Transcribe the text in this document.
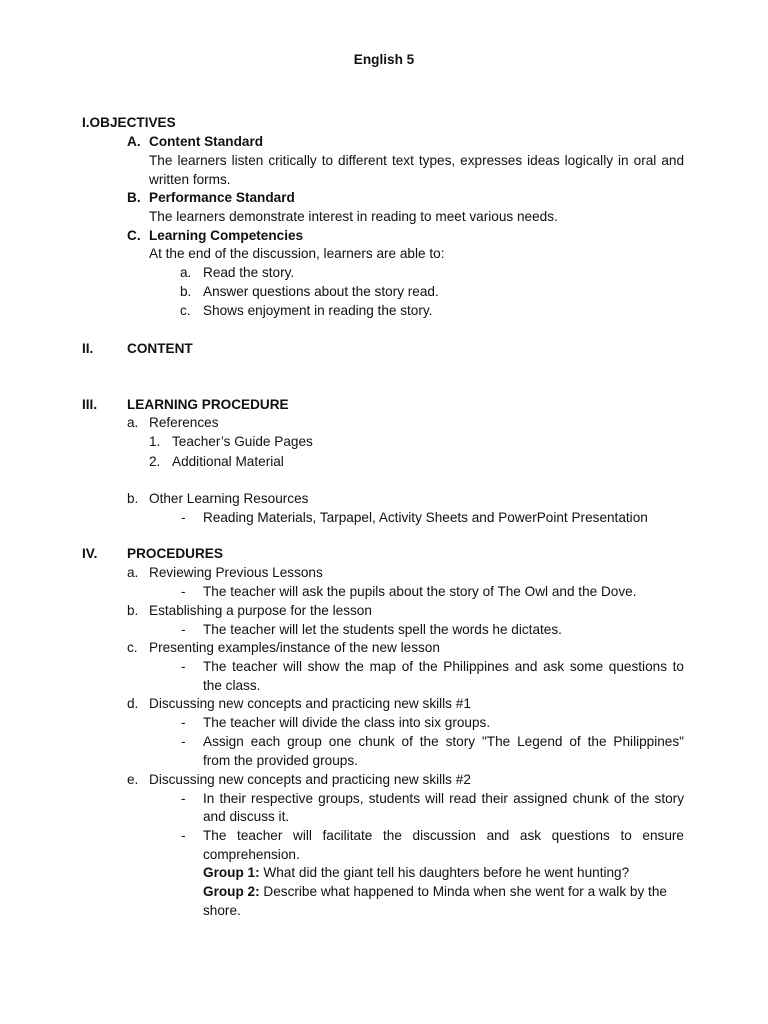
English 5
I.OBJECTIVES
A. Content Standard
The learners listen critically to different text types, expresses ideas logically in oral and
written forms.
B. Performance Standard
The learners demonstrate interest in reading to meet various needs.
C. Learning Competencies
At the end of the discussion, learners are able to:
a. Read the story.
b. Answer questions about the story read.
c. Shows enjoyment in reading the story.
II. CONTENT
III. LEARNING PROCEDURE
a. References
1. Teacher’s Guide Pages
2. Additional Material
b. Other Learning Resources
- Reading Materials, Tarpapel, Activity Sheets and PowerPoint Presentation
IV. PROCEDURES
a. Reviewing Previous Lessons
- The teacher will ask the pupils about the story of The Owl and the Dove.
b. Establishing a purpose for the lesson
- The teacher will let the students spell the words he dictates.
c. Presenting examples/instance of the new lesson
- The teacher will show the map of the Philippines and ask some questions to
the class.
d. Discussing new concepts and practicing new skills #1
- The teacher will divide the class into six groups.
- Assign each group one chunk of the story "The Legend of the Philippines"
from the provided groups.
e. Discussing new concepts and practicing new skills #2
- In their respective groups, students will read their assigned chunk of the story
and discuss it.
- The teacher will facilitate the discussion and ask questions to ensure
comprehension.
Group 1: What did the giant tell his daughters before he went hunting?
Group 2: Describe what happened to Minda when she went for a walk by the
shore.
